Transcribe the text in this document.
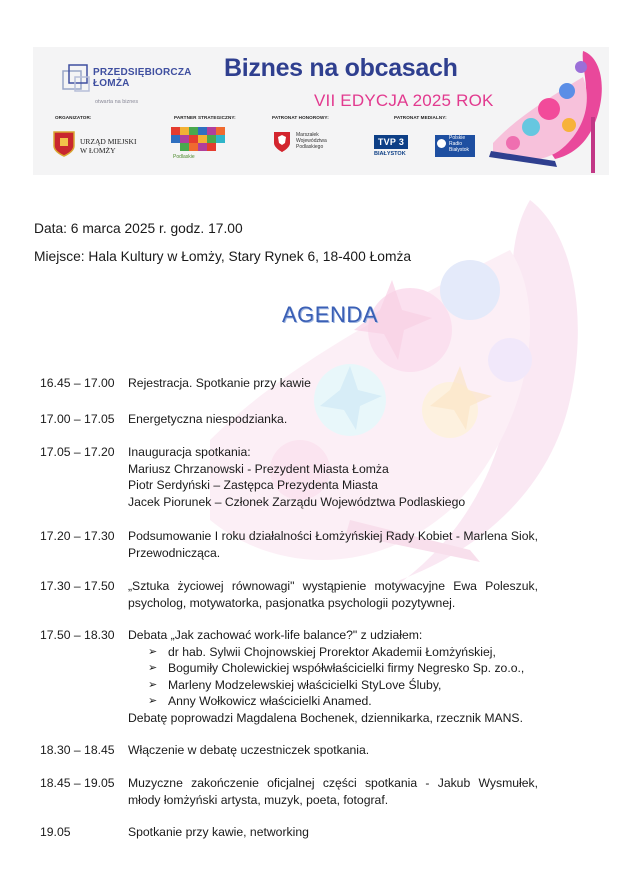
PRZEDSIĘBIORCZA
ŁOMŻA
otwarta na biznes
Biznes na obcasach
VII EDYCJA 2025 ROK
ORGANIZATOR:	PARTNER STRATEGICZNY:	PATRONAT HONOROWY:	PATRONAT MEDIALNY:
URZĄD MIEJSKI
W ŁOMŻY
Podlaskie
Marszałek
Województwa
Podlaskiego
TVP 3
BIAŁYSTOK
Polskie
Radio
Białystok
Data: 6 marca 2025 r. godz. 17.00
Miejsce: Hala Kultury w Łomży, Stary Rynek 6, 18-400 Łomża
AGENDA
16.45 – 17.00	Rejestracja. Spotkanie przy kawie
17.00 – 17.05	Energetyczna niespodzianka.
17.05 – 17.20	Inauguracja spotkania:
Mariusz Chrzanowski - Prezydent Miasta Łomża
Piotr Serdyński – Zastępca Prezydenta Miasta
Jacek Piorunek – Członek Zarządu Województwa Podlaskiego
17.20 – 17.30	Podsumowanie I roku działalności Łomżyńskiej Rady Kobiet - Marlena Siok, Przewodnicząca.
17.30 – 17.50	„Sztuka życiowej równowagi" wystąpienie motywacyjne Ewa Poleszuk, psycholog, motywatorka, pasjonatka psychologii pozytywnej.
17.50 – 18.30	Debata „Jak zachować work-life balance?" z udziałem:
➢ dr hab. Sylwii Chojnowskiej Prorektor Akademii Łomżyńskiej,
➢ Bogumiły Cholewickiej współwłaścicielki firmy Negresko Sp. zo.o.,
➢ Marleny Modzelewskiej właścicielki StyLove Śluby,
➢ Anny Wołkowicz właścicielki Anamed.
Debatę poprowadzi Magdalena Bochenek, dziennikarka, rzecznik MANS.
18.30 – 18.45	Włączenie w debatę uczestniczek spotkania.
18.45 – 19.05	Muzyczne zakończenie oficjalnej części spotkania - Jakub Wysmułek, młody łomżyński artysta, muzyk, poeta, fotograf.
19.05	Spotkanie przy kawie, networking
